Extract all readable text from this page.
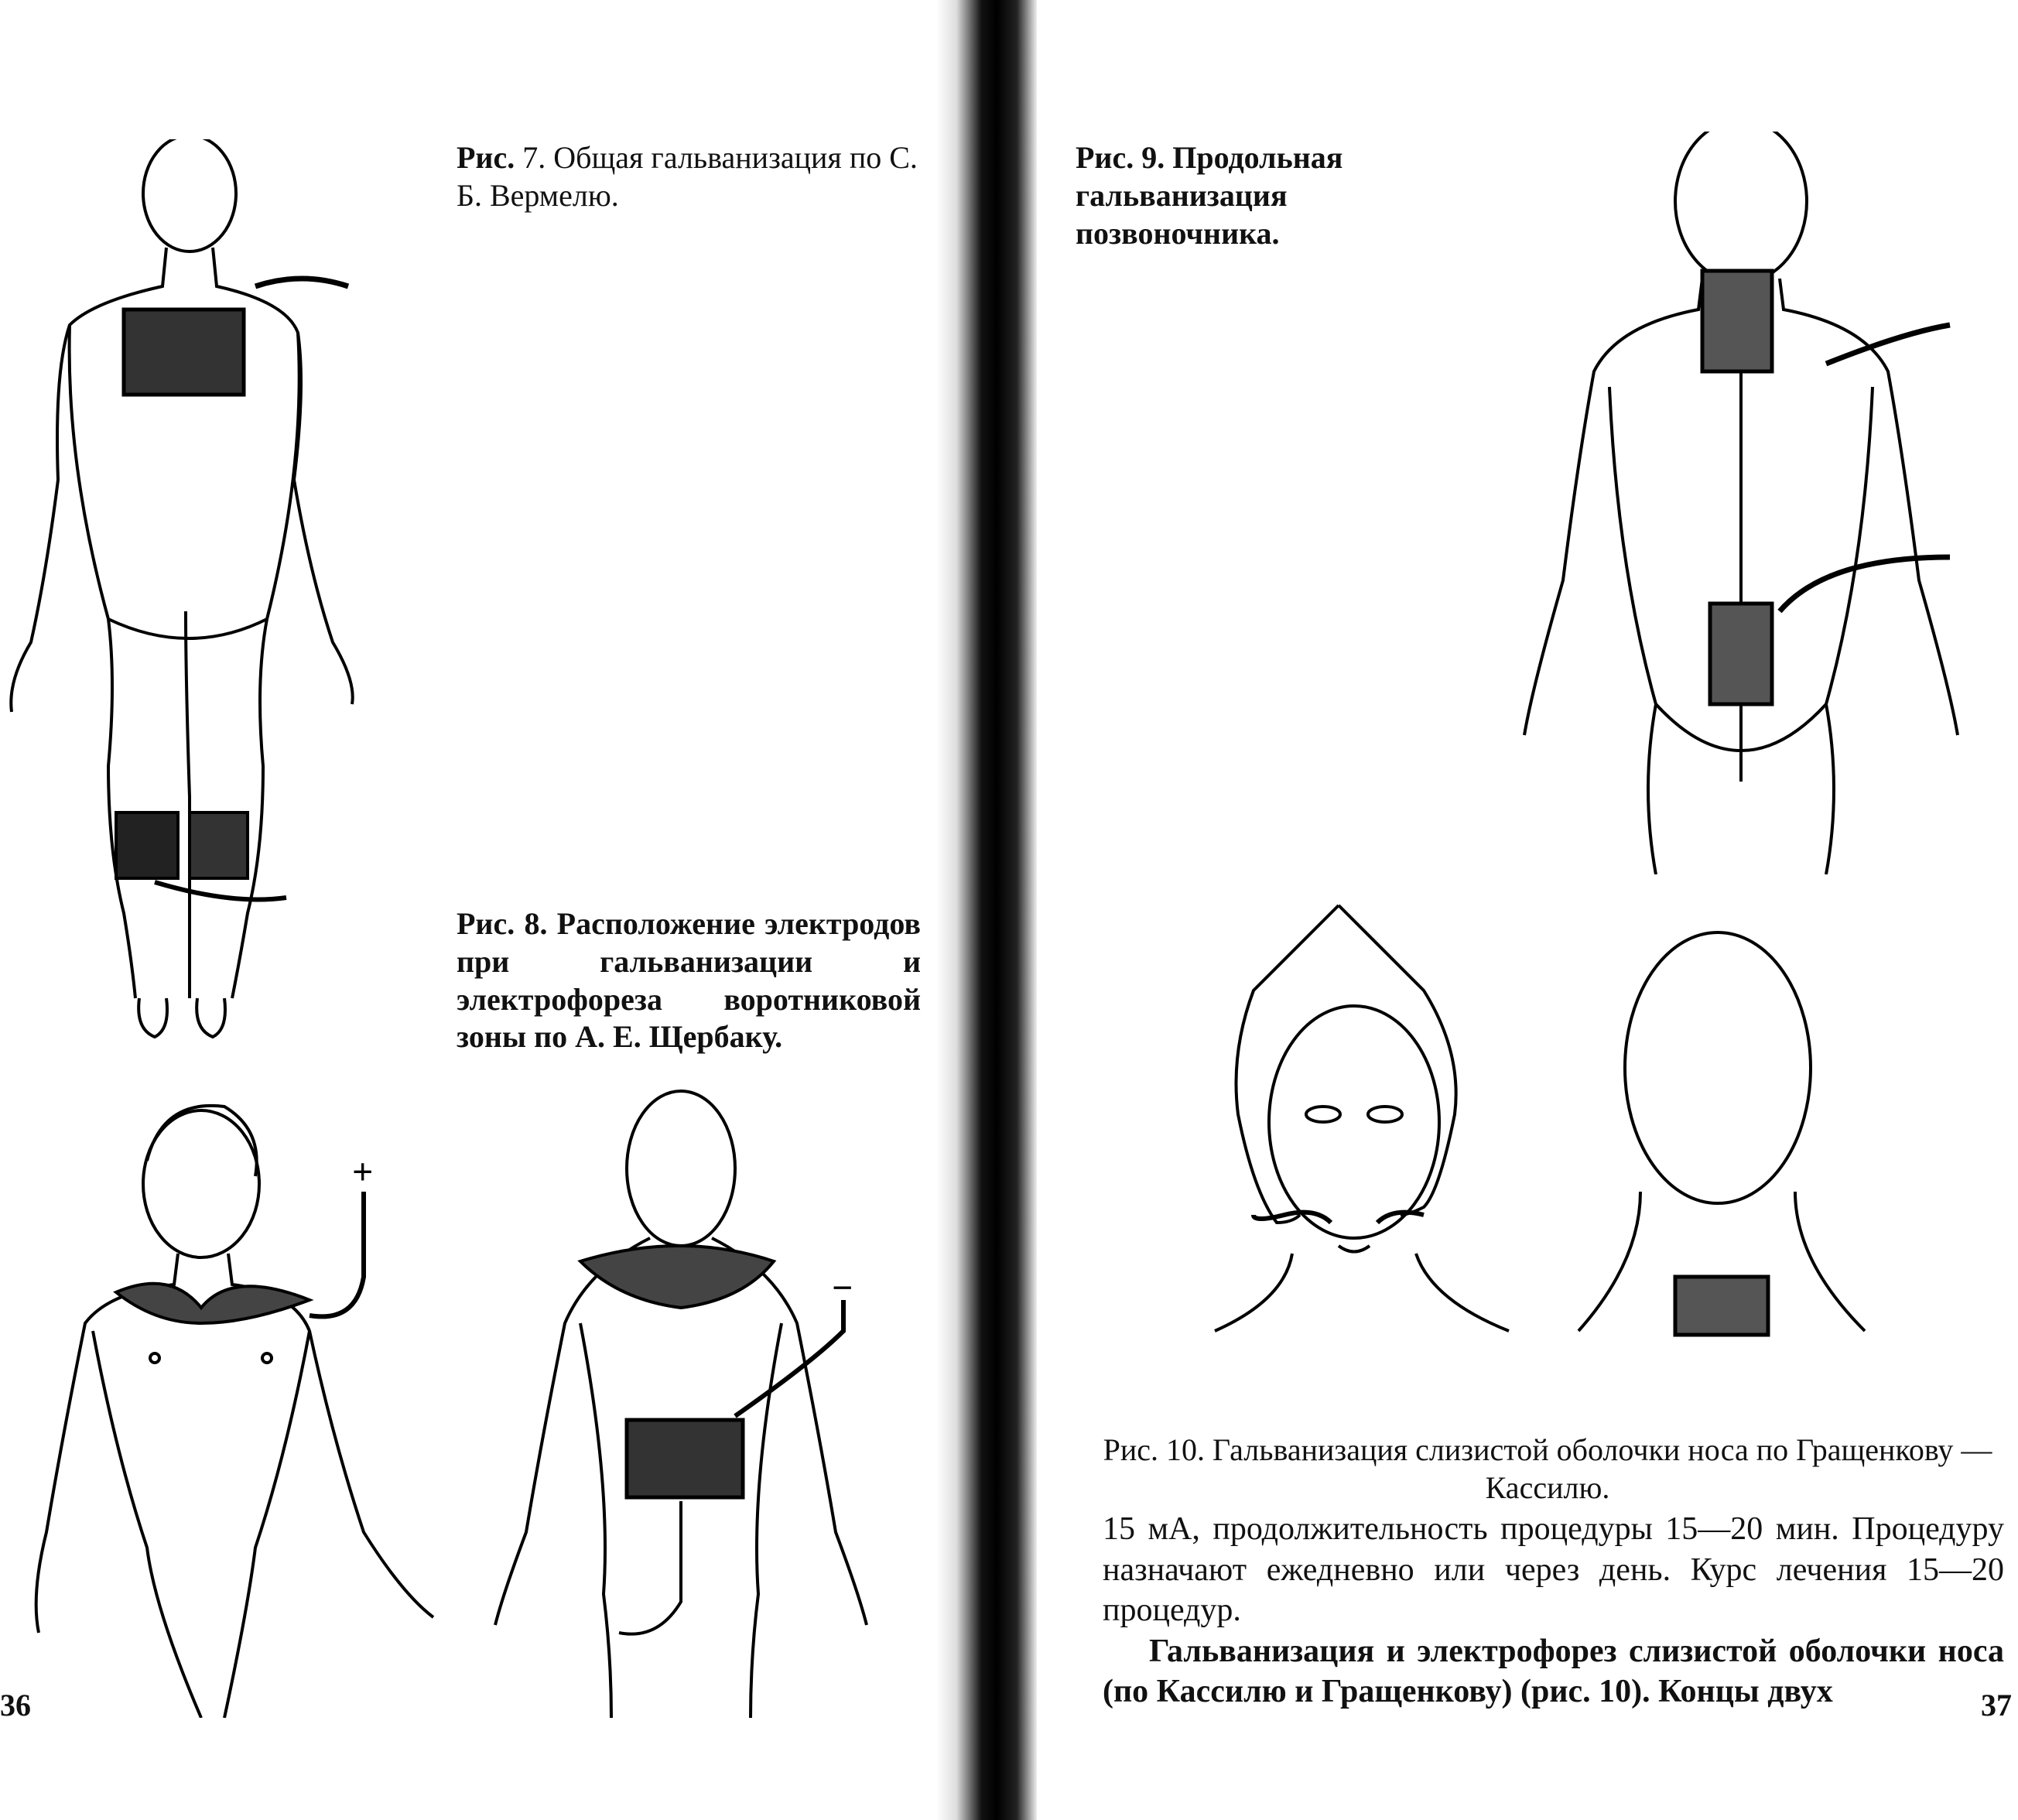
Рис. 7. Общая гальванизация по С. Б. Вермелю.
Рис. 8. Расположение электродов при гальванизации и электрофореза воротниковой зоны по А. Е. Щербаку.
+
−
36
Рис. 9. Продольная гальванизация позвоночника.
Рис. 10. Гальванизация слизистой оболочки носа по Гращенкову — Кассилю.

15 мА, продолжительность процедуры 15—20 мин. Процедуру назначают ежедневно или через день. Курс лечения 15—20 процедур.

Гальванизация и электрофорез слизистой оболочки носа (по Кассилю и Гращенкову) (рис. 10). Концы двух	37
